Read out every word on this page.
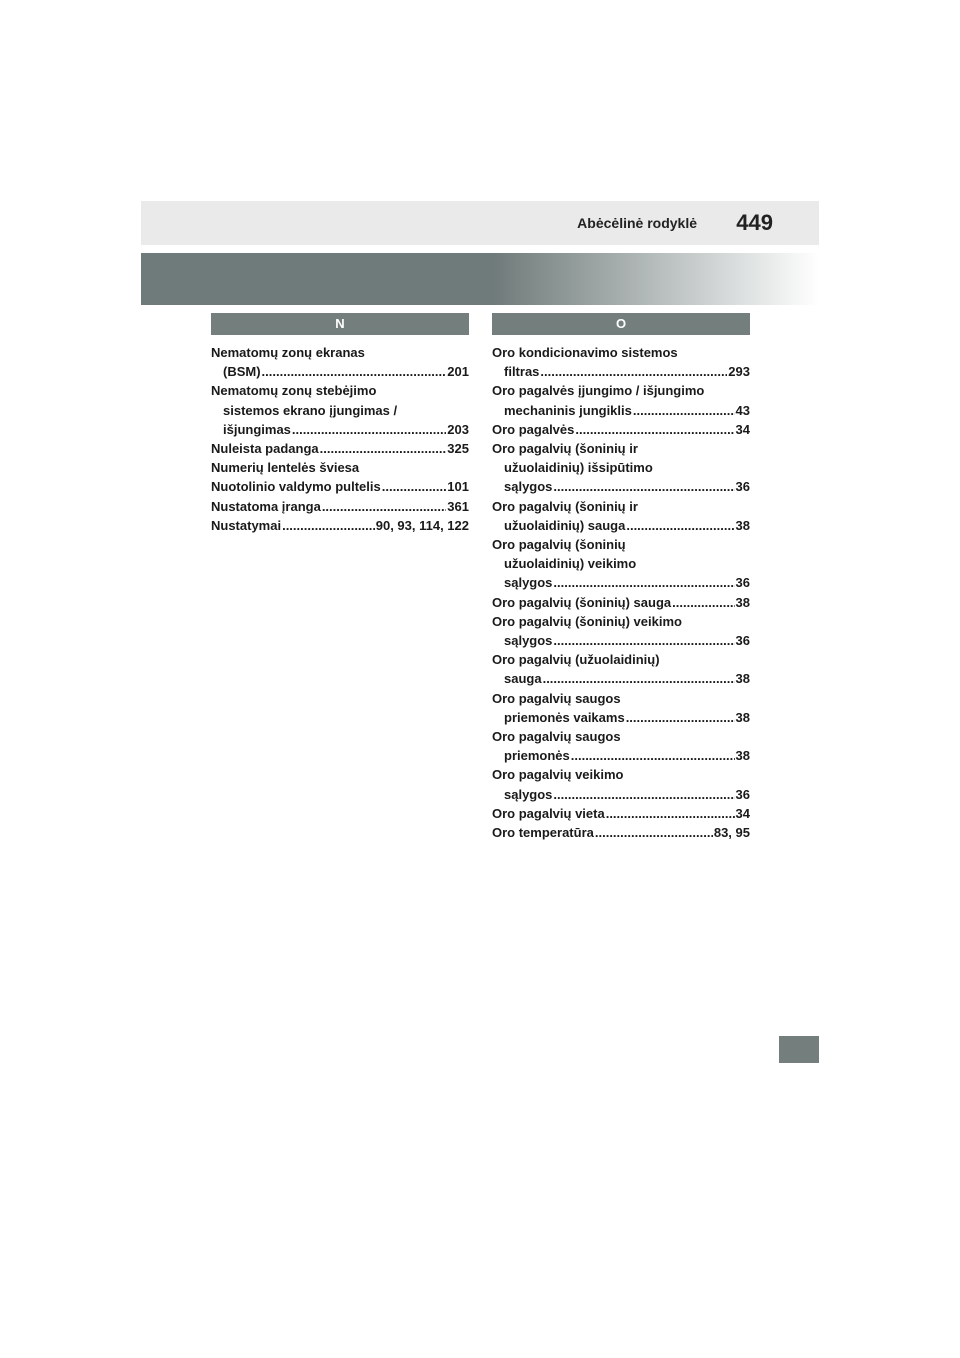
Abėcėlinė rodyklė 449
N
Nematomų zonų ekranas
(BSM) .....	201
Nematomų zonų stebėjimo
sistemos ekrano įjungimas /
išjungimas .....	203
Nuleista padanga .....	325
Numerių lentelės šviesa
Nuotolinio valdymo pultelis .....	101
Nustatoma įranga .....	361
Nustatymai .....	90, 93, 114, 122
O
Oro kondicionavimo sistemos
filtras .....	293
Oro pagalvės įjungimo / išjungimo
mechaninis jungiklis .....	43
Oro pagalvės .....	34
Oro pagalvių (šoninių ir
užuolaidinių) išsipūtimo
sąlygos .....	36
Oro pagalvių (šoninių ir
užuolaidinių) sauga .....	38
Oro pagalvių (šoninių
užuolaidinių) veikimo
sąlygos .....	36
Oro pagalvių (šoninių) sauga .....	38
Oro pagalvių (šoninių) veikimo
sąlygos .....	36
Oro pagalvių (užuolaidinių)
sauga .....	38
Oro pagalvių saugos
priemonės vaikams .....	38
Oro pagalvių saugos
priemonės .....	38
Oro pagalvių veikimo
sąlygos .....	36
Oro pagalvių vieta .....	34
Oro temperatūra .....	83, 95
